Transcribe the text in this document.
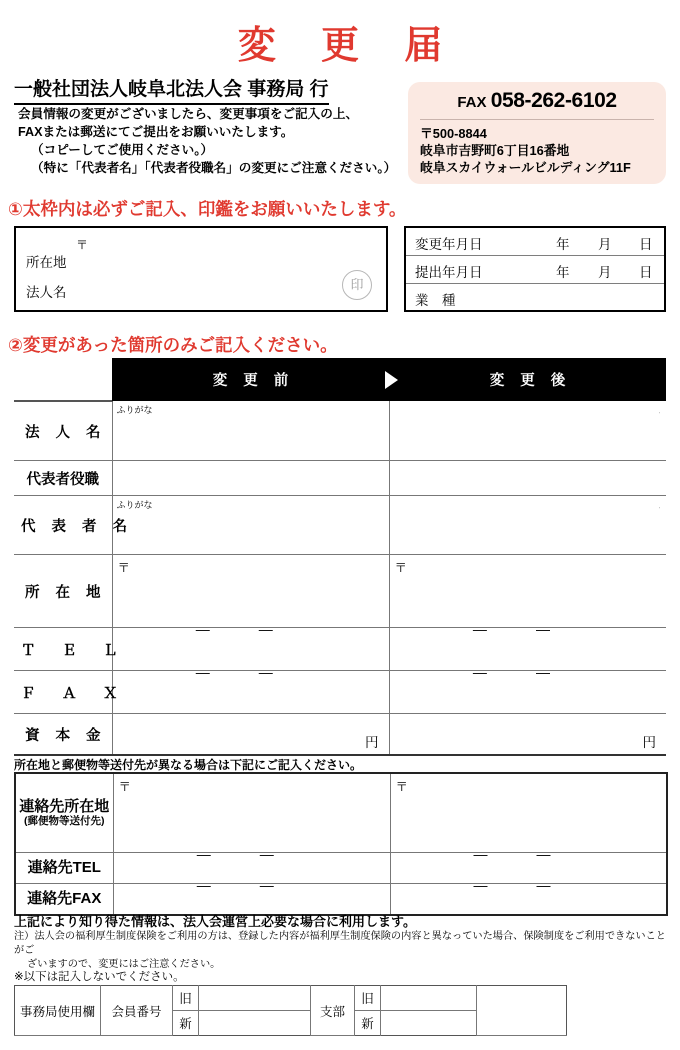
変 更 届
一般社団法人岐阜北法人会 事務局 行
会員情報の変更がございましたら、変更事項をご記入の上、
FAXまたは郵送にてご提出をお願いいたします。
（コピーしてご使用ください。）
（特に「代表者名」「代表者役職名」の変更にご注意ください。）
FAX 058-262-6102
〒500-8844
岐阜市吉野町6丁目16番地
岐阜スカイウォールビルディング11F
①太枠内は必ずご記入、印鑑をお願いいたします。
所在地
〒
法人名
印
変更年月日	年 月 日
提出年月日	年 月 日
業　種
②変更があった箇所のみご記入ください。
	変 更 前	変 更 後
法 人 名	ふりがな
˙	˙

代表者役職		
代 表 者 名	ふりがな
˙	˙

所 在 地	〒	〒

Ｔ　Ｅ　Ｌ	― ―	― ―

Ｆ　Ａ　Ｘ	― ―	― ―

資 本 金	円	円
所在地と郵便物等送付先が異なる場合は下記にご記入ください。
連絡先所在地
(郵便物等送付先)	〒	〒

連絡先TEL	― ―	― ―

連絡先FAX	― ―	― ―
上記により知り得た情報は、法人会運営上必要な場合に利用します。
注）法人会の福利厚生制度保険をご利用の方は、登録した内容が福利厚生制度保険の内容と異なっていた場合、保険制度をご利用できないことがご
ざいますので、変更にはご注意ください。
※以下は記入しないでください。
事務局使用欄	会員番号	旧		支部	旧		
		新			新		
